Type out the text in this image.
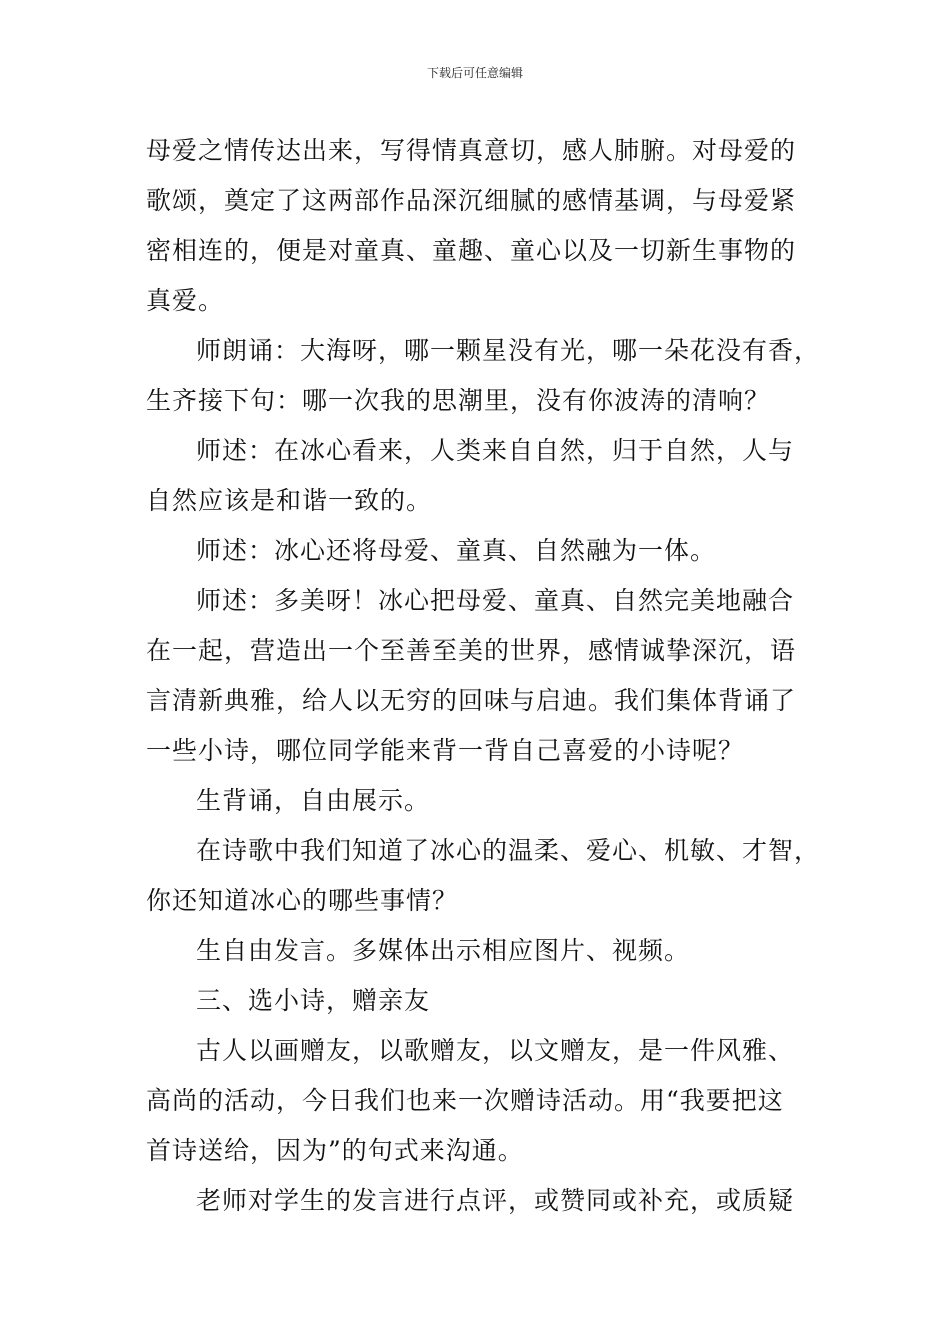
下载后可任意编辑
母爱之情传达出来，写得情真意切，感人肺腑。对母爱的
歌颂，奠定了这两部作品深沉细腻的感情基调，与母爱紧
密相连的，便是对童真、童趣、童心以及一切新生事物的
真爱。
师朗诵：大海呀，哪一颗星没有光，哪一朵花没有香，
生齐接下句：哪一次我的思潮里，没有你波涛的清响？
师述：在冰心看来，人类来自自然，归于自然，人与
自然应该是和谐一致的。
师述：冰心还将母爱、童真、自然融为一体。
师述：多美呀！冰心把母爱、童真、自然完美地融合
在一起，营造出一个至善至美的世界，感情诚挚深沉，语
言清新典雅，给人以无穷的回味与启迪。我们集体背诵了
一些小诗，哪位同学能来背一背自己喜爱的小诗呢？
生背诵，自由展示。
在诗歌中我们知道了冰心的温柔、爱心、机敏、才智，
你还知道冰心的哪些事情？
生自由发言。多媒体出示相应图片、视频。
三、选小诗，赠亲友
古人以画赠友，以歌赠友，以文赠友，是一件风雅、
高尚的活动，今日我们也来一次赠诗活动。用“我要把这
首诗送给，因为”的句式来沟通。
老师对学生的发言进行点评，或赞同或补充，或质疑
